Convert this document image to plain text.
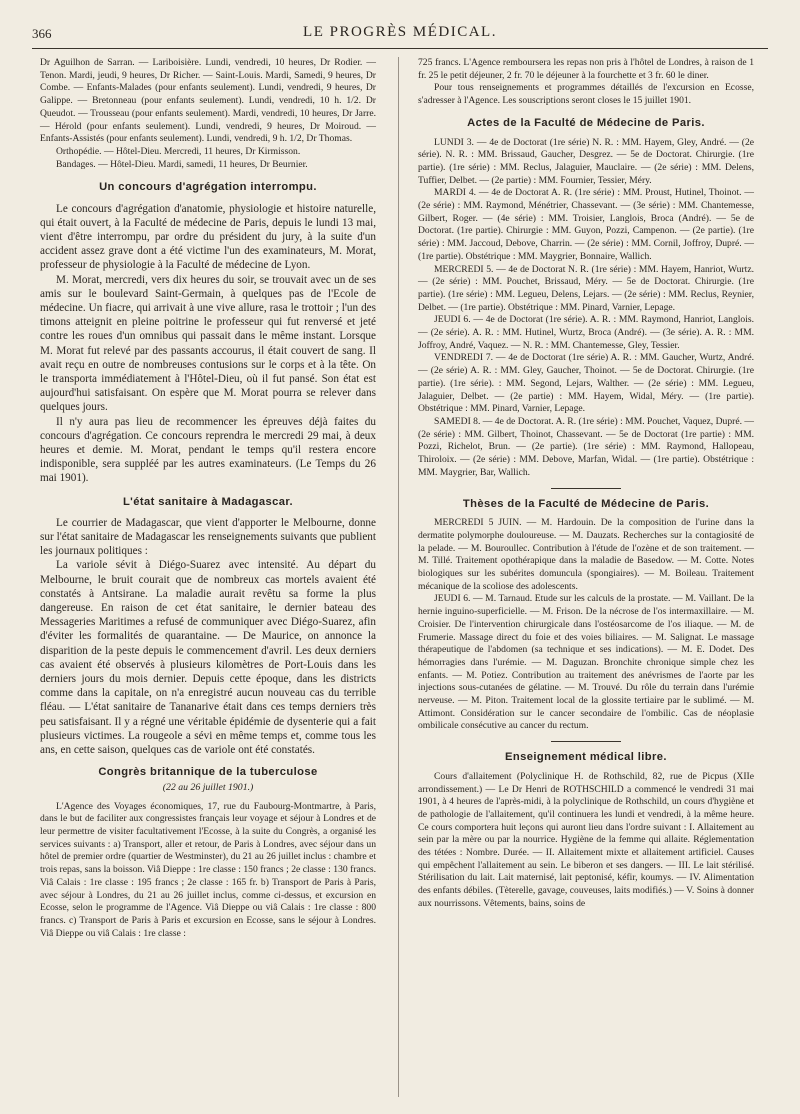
366	LE PROGRÈS MÉDICAL.

Dr Aguilhon de Sarran. — Lariboisière. Lundi, vendredi, 10 heures, Dr Rodier. — Tenon. Mardi, jeudi, 9 heures, Dr Richer. — Saint-Louis. Mardi, Samedi, 9 heures, Dr Combe. — Enfants-Malades (pour enfants seulement). Lundi, vendredi, 9 heures, Dr Galippe. — Bretonneau (pour enfants seulement). Lundi, vendredi, 10 h. 1/2. Dr Queudot. — Trousseau (pour enfants seulement). Mardi, vendredi, 10 heures, Dr Jarre. — Hérold (pour enfants seulement). Lundi, vendredi, 9 heures, Dr Moiroud. — Enfants-Assistés (pour enfants seulement). Lundi, vendredi, 9 h. 1/2, Dr Thomas.

Orthopédie. — Hôtel-Dieu. Mercredi, 11 heures, Dr Kirmisson.

Bandages. — Hôtel-Dieu. Mardi, samedi, 11 heures, Dr Beurnier.

Un concours d'agrégation interrompu.

Le concours d'agrégation d'anatomie, physiologie et histoire naturelle, qui était ouvert, à la Faculté de médecine de Paris, depuis le lundi 13 mai, vient d'être interrompu, par ordre du président du jury, à la suite d'un accident assez grave dont a été victime l'un des examinateurs, M. Morat, professeur de physiologie à la Faculté de médecine de Lyon.

M. Morat, mercredi, vers dix heures du soir, se trouvait avec un de ses amis sur le boulevard Saint-Germain, à quelques pas de l'Ecole de médecine. Un fiacre, qui arrivait à une vive allure, rasa le trottoir ; l'un des timons atteignit en pleine poitrine le professeur qui fut renversé et jeté contre les roues d'un omnibus qui passait dans le même instant. Lorsque M. Morat fut relevé par des passants accourus, il était couvert de sang. Il avait reçu en outre de nombreuses contusions sur le corps et à la tête. On le transporta immédiatement à l'Hôtel-Dieu, où il fut pansé. Son état est aujourd'hui satisfaisant. On espère que M. Morat pourra se relever dans quelques jours.

Il n'y aura pas lieu de recommencer les épreuves déjà faites du concours d'agrégation. Ce concours reprendra le mercredi 29 mai, à deux heures et demie. M. Morat, pendant le temps qu'il restera encore indisponible, sera suppléé par les autres examinateurs. (Le Temps du 26 mai 1901).

L'état sanitaire à Madagascar.

Le courrier de Madagascar, que vient d'apporter le Melbourne, donne sur l'état sanitaire de Madagascar les renseignements suivants que publient les journaux politiques :

La variole sévit à Diégo-Suarez avec intensité. Au départ du Melbourne, le bruit courait que de nombreux cas mortels avaient été constatés à Antsirane. La maladie aurait revêtu sa forme la plus dangereuse. En raison de cet état sanitaire, le dernier bateau des Messageries Maritimes a refusé de communiquer avec Diégo-Suarez, afin d'éviter les formalités de quarantaine. — De Maurice, on annonce la disparition de la peste depuis le commencement d'avril. Les deux derniers cas avaient été observés à plusieurs kilomètres de Port-Louis dans les derniers jours du mois dernier. Depuis cette époque, dans les districts comme dans la capitale, on n'a enregistré aucun nouveau cas du terrible fléau. — L'état sanitaire de Tananarive était dans ces temps derniers très peu satisfaisant. Il y a régné une véritable épidémie de dysenterie qui a fait plusieurs victimes. La rougeole a sévi en même temps et, comme tous les ans, en cette saison, quelques cas de variole ont été constatés.

Congrès britannique de la tuberculose
(22 au 26 juillet 1901.)

L'Agence des Voyages économiques, 17, rue du Faubourg-Montmartre, à Paris, dans le but de faciliter aux congressistes français leur voyage et séjour à Londres et de leur permettre de visiter facultativement l'Ecosse, à la suite du Congrès, a organisé les services suivants : a) Transport, aller et retour, de Paris à Londres, avec séjour dans un hôtel de premier ordre (quartier de Westminster), du 21 au 26 juillet inclus : chambre et trois repas, sans la boisson. Viâ Dieppe : 1re classe : 150 francs ; 2e classe : 130 francs. Viâ Calais : 1re classe : 195 francs ; 2e classe : 165 fr. b) Transport de Paris à Paris, avec séjour à Londres, du 21 au 26 juillet inclus, comme ci-dessus, et excursion en Ecosse, selon le programme de l'Agence. Viâ Dieppe ou viâ Calais : 1re classe : 800 francs. c) Transport de Paris à Paris et excursion en Ecosse, sans le séjour à Londres. Viâ Dieppe ou viâ Calais : 1re classe :

725 francs. L'Agence remboursera les repas non pris à l'hôtel de Londres, à raison de 1 fr. 25 le petit déjeuner, 2 fr. 70 le déjeuner à la fourchette et 3 fr. 60 le diner.

Pour tous renseignements et programmes détaillés de l'excursion en Ecosse, s'adresser à l'Agence. Les souscriptions seront closes le 15 juillet 1901.

Actes de la Faculté de Médecine de Paris.

LUNDI 3. — 4e de Doctorat (1re série) N. R. : MM. Hayem, Gley, André. — (2e série). N. R. : MM. Brissaud, Gaucher, Desgrez. — 5e de Doctorat. Chirurgie. (1re partie). (1re série) : MM. Reclus, Jalaguier, Mauclaire. — (2e série) : MM. Delens, Tuffier, Delbet. — (2e partie) : MM. Fournier, Tessier, Méry.

MARDI 4. — 4e de Doctorat A. R. (1re série) : MM. Proust, Hutinel, Thoinot. — (2e série) : MM. Raymond, Ménétrier, Chassevant. — (3e série) : MM. Chantemesse, Gilbert, Roger. — (4e série) : MM. Troisier, Langlois, Broca (André). — 5e de Doctorat. (1re partie). Chirurgie : MM. Guyon, Pozzi, Campenon. — (2e partie). (1re série) : MM. Jaccoud, Debove, Charrin. — (2e série) : MM. Cornil, Joffroy, Dupré. — (1re partie). Obstétrique : MM. Maygrier, Bonnaire, Wallich.

MERCREDI 5. — 4e de Doctorat N. R. (1re série) : MM. Hayem, Hanriot, Wurtz. — (2e série) : MM. Pouchet, Brissaud, Méry. — 5e de Doctorat. Chirurgie. (1re partie). (1re série) : MM. Legueu, Delens, Lejars. — (2e série) : MM. Reclus, Reynier, Delbet. — (1re partie). Obstétrique : MM. Pinard, Varnier, Lepage.

JEUDI 6. — 4e de Doctorat (1re série). A. R. : MM. Raymond, Hanriot, Langlois. — (2e série). A. R. : MM. Hutinel, Wurtz, Broca (André). — (3e série). A. R. : MM. Joffroy, André, Vaquez. — N. R. : MM. Chantemesse, Gley, Tessier.

VENDREDI 7. — 4e de Doctorat (1re série) A. R. : MM. Gaucher, Wurtz, André. — (2e série) A. R. : MM. Gley, Gaucher, Thoinot. — 5e de Doctorat. Chirurgie. (1re partie). (1re série). : MM. Segond, Lejars, Walther. — (2e série) : MM. Legueu, Jalaguier, Delbet. — (2e partie) : MM. Hayem, Widal, Méry. — (1re partie). Obstétrique : MM. Pinard, Varnier, Lepage.

SAMEDI 8. — 4e de Doctorat. A. R. (1re série) : MM. Pouchet, Vaquez, Dupré. — (2e série) : MM. Gilbert, Thoinot, Chassevant. — 5e de Doctorat (1re partie) : MM. Pozzi, Richelot, Brun. — (2e partie). (1re série) : MM. Raymond, Hallopeau, Thiroloix. — (2e série) : MM. Debove, Marfan, Widal. — (1re partie). Obstétrique : MM. Maygrier, Bar, Wallich.

Thèses de la Faculté de Médecine de Paris.

MERCREDI 5 JUIN. — M. Hardouin. De la composition de l'urine dans la dermatite polymorphe douloureuse. — M. Dauzats. Recherches sur la contagiosité de la pelade. — M. Bouroullec. Contribution à l'étude de l'ozène et de son traitement. — M. Tillé. Traitement opothérapique dans la maladie de Basedow. — M. Cotte. Notes biologiques sur les subérites domuncula (spongiaires). — M. Boileau. Traitement mécanique de la scoliose des adolescents.

JEUDI 6. — M. Tarnaud. Etude sur les calculs de la prostate. — M. Vaillant. De la hernie inguino-superficielle. — M. Frison. De la nécrose de l'os intermaxillaire. — M. Croisier. De l'intervention chirurgicale dans l'ostéosarcome de l'os iliaque. — M. de Frumerie. Massage direct du foie et des voies biliaires. — M. Salignat. Le massage thérapeutique de l'abdomen (sa technique et ses indications). — M. E. Dodet. Des hémorragies dans l'urémie. — M. Daguzan. Bronchite chronique simple chez les enfants. — M. Potiez. Contribution au traitement des anévrismes de l'aorte par les injections sous-cutanées de gélatine. — M. Trouvé. Du rôle du terrain dans l'urémie nerveuse. — M. Piton. Traitement local de la glossite tertiaire par le sublimé. — M. Attimont. Considération sur le cancer secondaire de l'ombilic. Cas de néoplasie ombilicale consécutive au cancer du rectum.

Enseignement médical libre.

Cours d'allaitement (Polyclinique H. de Rothschild, 82, rue de Picpus (XIIe arrondissement.) — Le Dr Henri de ROTHSCHILD a commencé le vendredi 31 mai 1901, à 4 heures de l'après-midi, à la polyclinique de Rothschild, un cours d'hygiène et de pathologie de l'allaitement, qu'il continuera les lundi et vendredi, à la même heure. Ce cours comportera huit leçons qui auront lieu dans l'ordre suivant : I. Allaitement au sein par la mère ou par la nourrice. Hygiène de la femme qui allaite. Réglementation des tétées : Nombre. Durée. — II. Allaitement mixte et allaitement artificiel. Causes qui empêchent l'allaitement au sein. Le biberon et ses dangers. — III. Le lait stérilisé. Stérilisation du lait. Lait maternisé, lait peptonisé, kéfir, koumys. — IV. Alimentation des enfants débiles. (Tèterelle, gavage, couveuses, laits modifiés.) — V. Soins à donner aux nourrissons. Vêtements, bains, soins de
